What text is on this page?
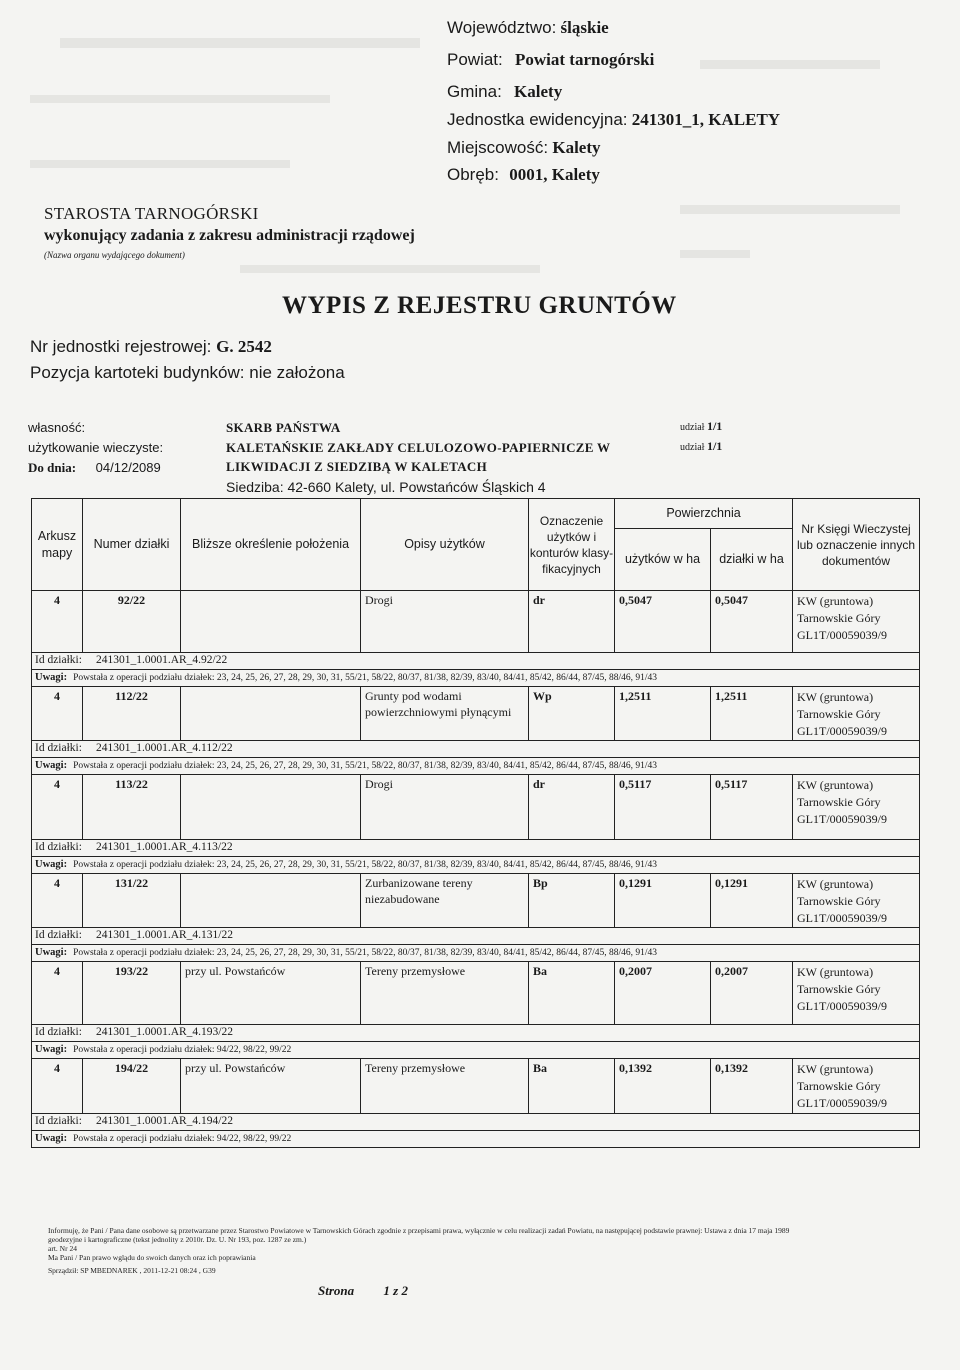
Województwo: śląskie
Powiat: Powiat tarnogórski
Gmina: Kalety
Jednostka ewidencyjna: 241301_1, KALETY
Miejscowość: Kalety
Obręb: 0001, Kalety
STAROSTA TARNOGÓRSKI
wykonujący zadania z zakresu administracji rządowej
(Nazwa organu wydającego dokument)
WYPIS Z REJESTRU GRUNTÓW
Nr jednostki rejestrowej: G. 2542
Pozycja kartoteki budynków: nie założona
własność:	SKARB PAŃSTWA	udział 1/1
użytkowanie wieczyste:	KALETAŃSKIE ZAKŁADY CELULOZOWO-PAPIERNICZE W	udział 1/1
Do dnia: 04/12/2089	LIKWIDACJI Z SIEDZIBĄ W KALETACH
Siedziba: 42-660 Kalety, ul. Powstańców Śląskich 4
Arkusz mapy	Numer działki	Bliższe określenie położenia	Opisy użytków	Oznaczenie użytków i konturów klasy-fikacyjnych	Powierzchnia		Nr Księgi Wieczystej lub oznaczenie innych dokumentów
					użytków w ha	działki w ha	
4	92/22		Drogi	dr	0,5047	0,5047	KW (gruntowa)
Tarnowskie Góry
GL1T/00059039/9

Id działki: 241301_1.0001.AR_4.92/22							
Uwagi: Powstała z operacji podziału działek: 23, 24, 25, 26, 27, 28, 29, 30, 31, 55/21, 58/22, 80/37, 81/38, 82/39, 83/40, 84/41, 85/42, 86/44, 87/45, 88/46, 91/43							
4	112/22		Grunty pod wodami powierzchniowymi płynącymi	Wp	1,2511	1,2511	KW (gruntowa)
Tarnowskie Góry
GL1T/00059039/9

Id działki: 241301_1.0001.AR_4.112/22							
Uwagi: Powstała z operacji podziału działek: 23, 24, 25, 26, 27, 28, 29, 30, 31, 55/21, 58/22, 80/37, 81/38, 82/39, 83/40, 84/41, 85/42, 86/44, 87/45, 88/46, 91/43							
4	113/22		Drogi	dr	0,5117	0,5117	KW (gruntowa)
Tarnowskie Góry
GL1T/00059039/9

Id działki: 241301_1.0001.AR_4.113/22							
Uwagi: Powstała z operacji podziału działek: 23, 24, 25, 26, 27, 28, 29, 30, 31, 55/21, 58/22, 80/37, 81/38, 82/39, 83/40, 84/41, 85/42, 86/44, 87/45, 88/46, 91/43							
4	131/22		Zurbanizowane tereny niezabudowane	Bp	0,1291	0,1291	KW (gruntowa)
Tarnowskie Góry
GL1T/00059039/9

Id działki: 241301_1.0001.AR_4.131/22							
Uwagi: Powstała z operacji podziału działek: 23, 24, 25, 26, 27, 28, 29, 30, 31, 55/21, 58/22, 80/37, 81/38, 82/39, 83/40, 84/41, 85/42, 86/44, 87/45, 88/46, 91/43							
4	193/22	przy ul. Powstańców	Tereny przemysłowe	Ba	0,2007	0,2007	KW (gruntowa)
Tarnowskie Góry
GL1T/00059039/9

Id działki: 241301_1.0001.AR_4.193/22							
Uwagi: Powstała z operacji podziału działek: 94/22, 98/22, 99/22							
4	194/22	przy ul. Powstańców	Tereny przemysłowe	Ba	0,1392	0,1392	KW (gruntowa)
Tarnowskie Góry
GL1T/00059039/9

Id działki: 241301_1.0001.AR_4.194/22							
Uwagi: Powstała z operacji podziału działek: 94/22, 98/22, 99/22							
Informuję, że Pani / Pana dane osobowe są przetwarzane przez Starostwo Powiatowe w Tarnowskich Górach zgodnie z przepisami prawa, wyłącznie w celu realizacji zadań Powiatu, na następującej podstawie prawnej: Ustawa z dnia 17 maja 1989
geodezyjne i kartograficzne (tekst jednolity z 2010r. Dz. U. Nr 193, poz. 1287 ze zm.)
art. Nr 24
Ma Pani / Pan prawo wglądu do swoich danych oraz ich poprawiania
Sprządził: SP MBEDNAREK , 2011-12-21 08:24 , G39
Strona 1 z 2
